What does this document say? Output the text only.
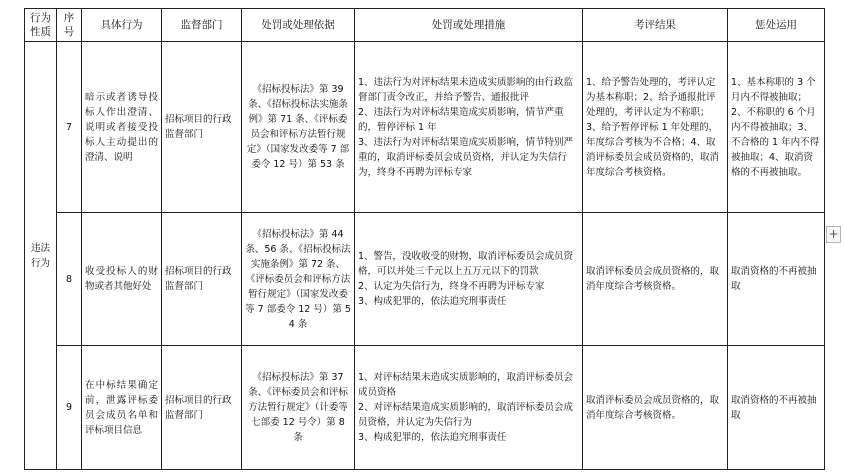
行为性质	序号	具体行为	监督部门	处罚或处理依据	处罚或处理措施	考评结果	惩处运用
违法行为	7	暗示或者诱导投标人作出澄清、说明或者接受投标人主动提出的澄清、说明	招标项目的行政监督部门	《招标投标法》第 39 条、《招标投标法实施条例》第 71 条、《评标委员会和评标方法暂行规定》（国家发改委等 7 部委令 12 号）第 53 条	1、违法行为对评标结果未造成实质影响的由行政监督部门责令改正，并给予警告、通报批评
2、违法行为对评标结果造成实质影响，情节严重的，暂停评标 1 年
3、违法行为对评标结果造成实质影响，情节特别严重的，取消评标委员会成员资格，并认定为失信行为，终身不再聘为评标专家	1、给予警告处理的，考评认定为基本称职；2、给予通报批评处理的，考评认定为不称职；3、给予暂停评标 1 年处理的，年度综合考核为不合格；4、取消评标委员会成员资格的，取消年度综合考核资格。	1、基本称职的 3 个月内不得被抽取；2、不称职的 6 个月内不得被抽取；3、不合格的 1 年内不得被抽取；4、取消资格的不再被抽取。
	8	收受投标人的财物或者其他好处	招标项目的行政监督部门	《招标投标法》第 44 条、56 条、《招标投标法实施条例》第 72 条、《评标委员会和评标方法暂行规定》（国家发改委等 7 部委令 12 号）第 54 条	1、警告，没收收受的财物，取消评标委员会成员资格，可以并处三千元以上五万元以下的罚款
2、认定为失信行为，终身不再聘为评标专家
3、构成犯罪的，依法追究刑事责任	取消评标委员会成员资格的，取消年度综合考核资格。	取消资格的不再被抽取
	9	在中标结果确定前，泄露评标委员会成员名单和评标项目信息	招标项目的行政监督部门	《招标投标法》第 37 条、《评标委员会和评标方法暂行规定》（计委等七部委 12 号令）第 8 条	1、对评标结果未造成实质影响的，取消评标委员会成员资格
2、对评标结果造成实质影响的，取消评标委员会成员资格，并认定为失信行为
3、构成犯罪的，依法追究刑事责任	取消评标委员会成员资格的，取消年度综合考核资格。	取消资格的不再被抽取
+
